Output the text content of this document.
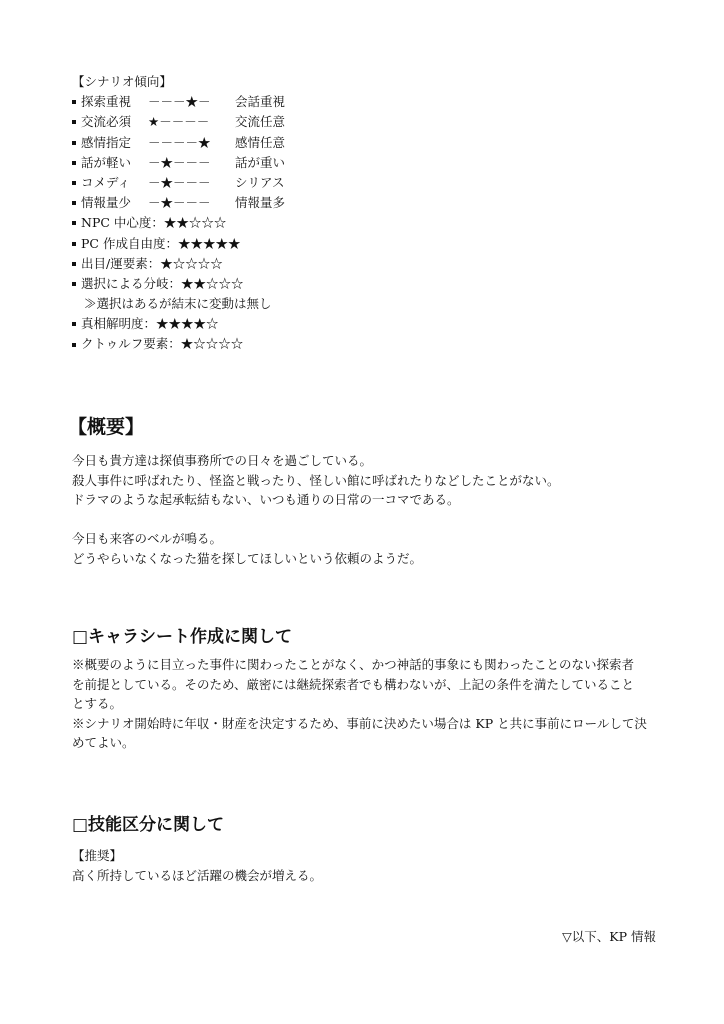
【シナリオ傾向】
探索重視	－－－★－	会話重視
交流必須	★－－－－	交流任意
感情指定	－－－－★	感情任意
話が軽い	－★－－－	話が重い
コメディ	－★－－－	シリアス
情報量少	－★－－－	情報量多
NPC 中心度：★★☆☆☆
PC 作成自由度：★★★★★
出目/運要素：★☆☆☆☆
選択による分岐：★★☆☆☆
≫選択はあるが結末に変動は無し
真相解明度：★★★★☆
クトゥルフ要素：★☆☆☆☆
【概要】

今日も貴方達は探偵事務所での日々を過ごしている。

殺人事件に呼ばれたり、怪盗と戦ったり、怪しい館に呼ばれたりなどしたことがない。

ドラマのような起承転結もない、いつも通りの日常の一コマである。

今日も来客のベルが鳴る。

どうやらいなくなった猫を探してほしいという依頼のようだ。

□キャラシート作成に関して

※概要のように目立った事件に関わったことがなく、かつ神話的事象にも関わったことのない探索者

を前提としている。そのため、厳密には継続探索者でも構わないが、上記の条件を満たしていること

とする。

※シナリオ開始時に年収・財産を決定するため、事前に決めたい場合は KP と共に事前にロールして決

めてよい。

□技能区分に関して

【推奨】

高く所持しているほど活躍の機会が増える。

▽以下、KP 情報
